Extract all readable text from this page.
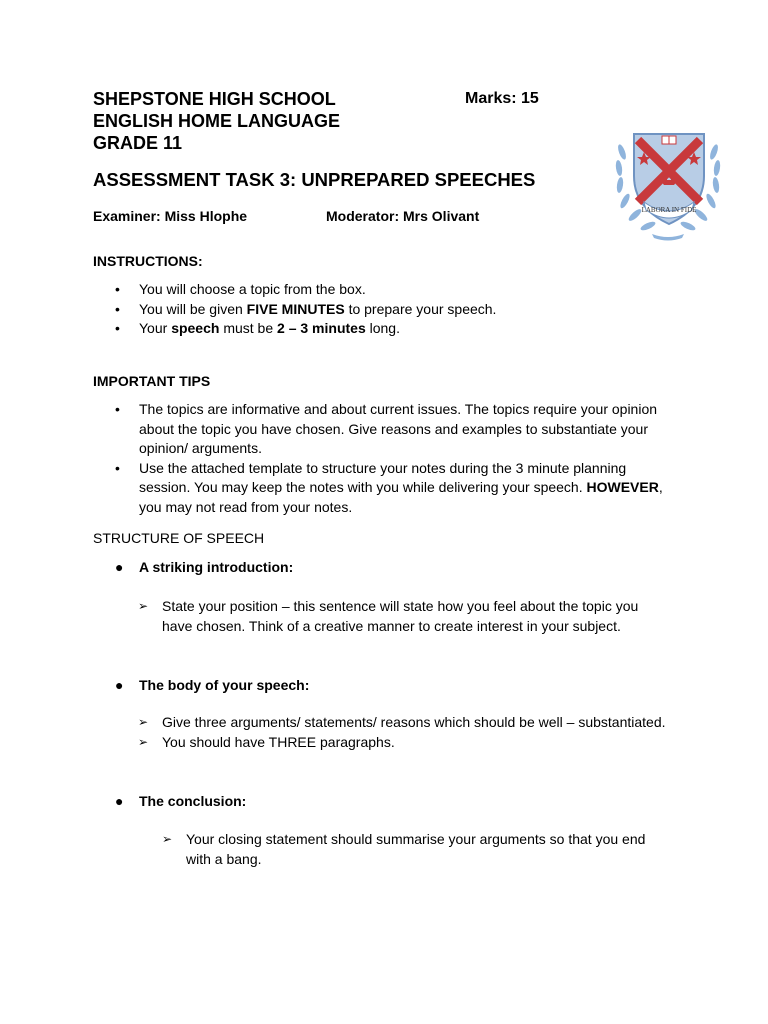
SHEPSTONE HIGH SCHOOL
ENGLISH HOME LANGUAGE
GRADE 11
Marks: 15
ASSESSMENT TASK 3: UNPREPARED SPEECHES
Examiner: Miss Hlophe	Moderator: Mrs Olivant	LABORA IN FIDE
INSTRUCTIONS:
• You will choose a topic from the box.
• You will be given FIVE MINUTES to prepare your speech.
• Your speech must be 2 – 3 minutes long.
IMPORTANT TIPS
• The topics are informative and about current issues. The topics require your opinion about the topic you have chosen. Give reasons and examples to substantiate your opinion/ arguments.
• Use the attached template to structure your notes during the 3 minute planning session. You may keep the notes with you while delivering your speech. HOWEVER, you may not read from your notes.
STRUCTURE OF SPEECH
● A striking introduction:
➢ State your position – this sentence will state how you feel about the topic you have chosen. Think of a creative manner to create interest in your subject.
● The body of your speech:
➢ Give three arguments/ statements/ reasons which should be well – substantiated.
➢ You should have THREE paragraphs.
● The conclusion:
➢ Your closing statement should summarise your arguments so that you end with a bang.
